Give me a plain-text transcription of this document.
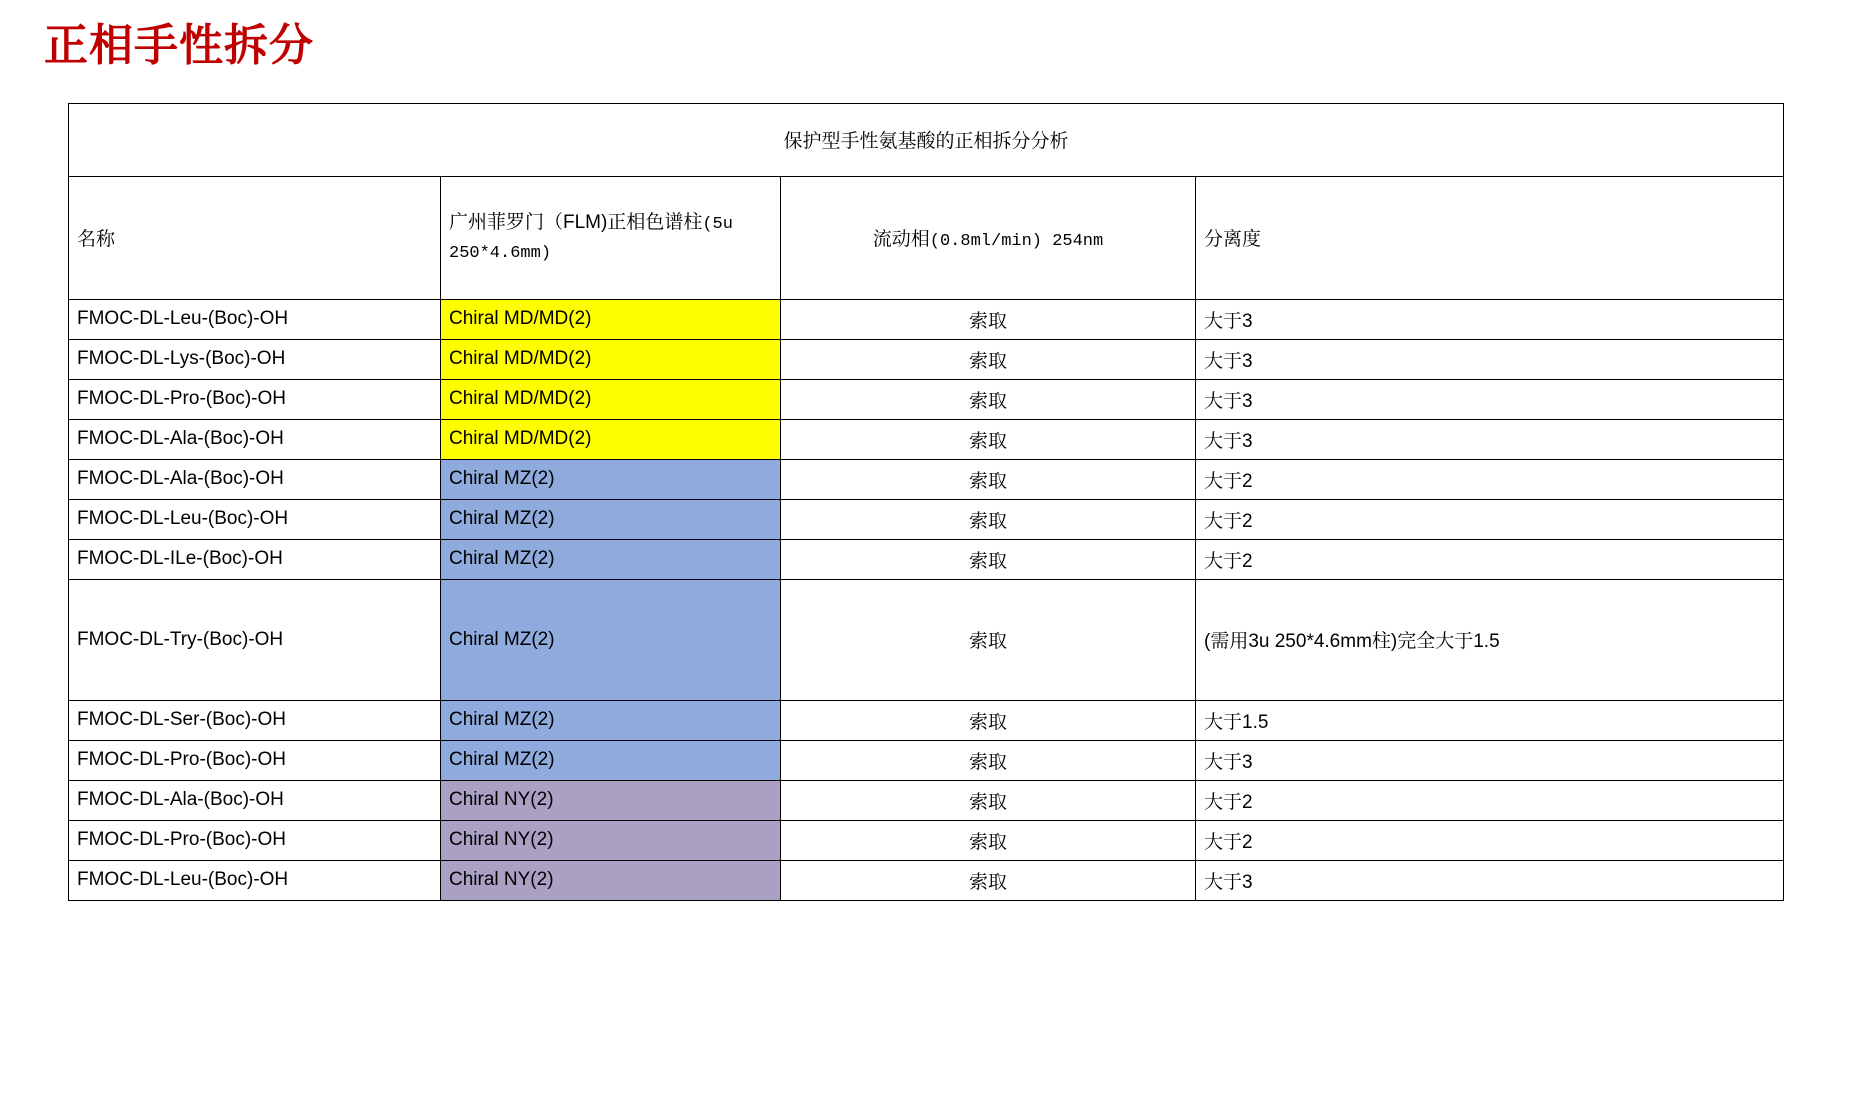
正相手性拆分
保护型手性氨基酸的正相拆分分析			
名称	广州菲罗门（FLM)正相色谱柱(5u 250*4.6mm)	流动相(0.8ml/min) 254nm	分离度
FMOC-DL-Leu-(Boc)-OH	Chiral MD/MD(2)	索取	大于3
FMOC-DL-Lys-(Boc)-OH	Chiral MD/MD(2)	索取	大于3
FMOC-DL-Pro-(Boc)-OH	Chiral MD/MD(2)	索取	大于3
FMOC-DL-Ala-(Boc)-OH	Chiral MD/MD(2)	索取	大于3
FMOC-DL-Ala-(Boc)-OH	Chiral MZ(2)	索取	大于2
FMOC-DL-Leu-(Boc)-OH	Chiral MZ(2)	索取	大于2
FMOC-DL-ILe-(Boc)-OH	Chiral MZ(2)	索取	大于2
FMOC-DL-Try-(Boc)-OH	Chiral MZ(2)	索取	(需用3u 250*4.6mm柱)完全大于1.5
FMOC-DL-Ser-(Boc)-OH	Chiral MZ(2)	索取	大于1.5
FMOC-DL-Pro-(Boc)-OH	Chiral MZ(2)	索取	大于3
FMOC-DL-Ala-(Boc)-OH	Chiral NY(2)	索取	大于2
FMOC-DL-Pro-(Boc)-OH	Chiral NY(2)	索取	大于2
FMOC-DL-Leu-(Boc)-OH	Chiral NY(2)	索取	大于3
